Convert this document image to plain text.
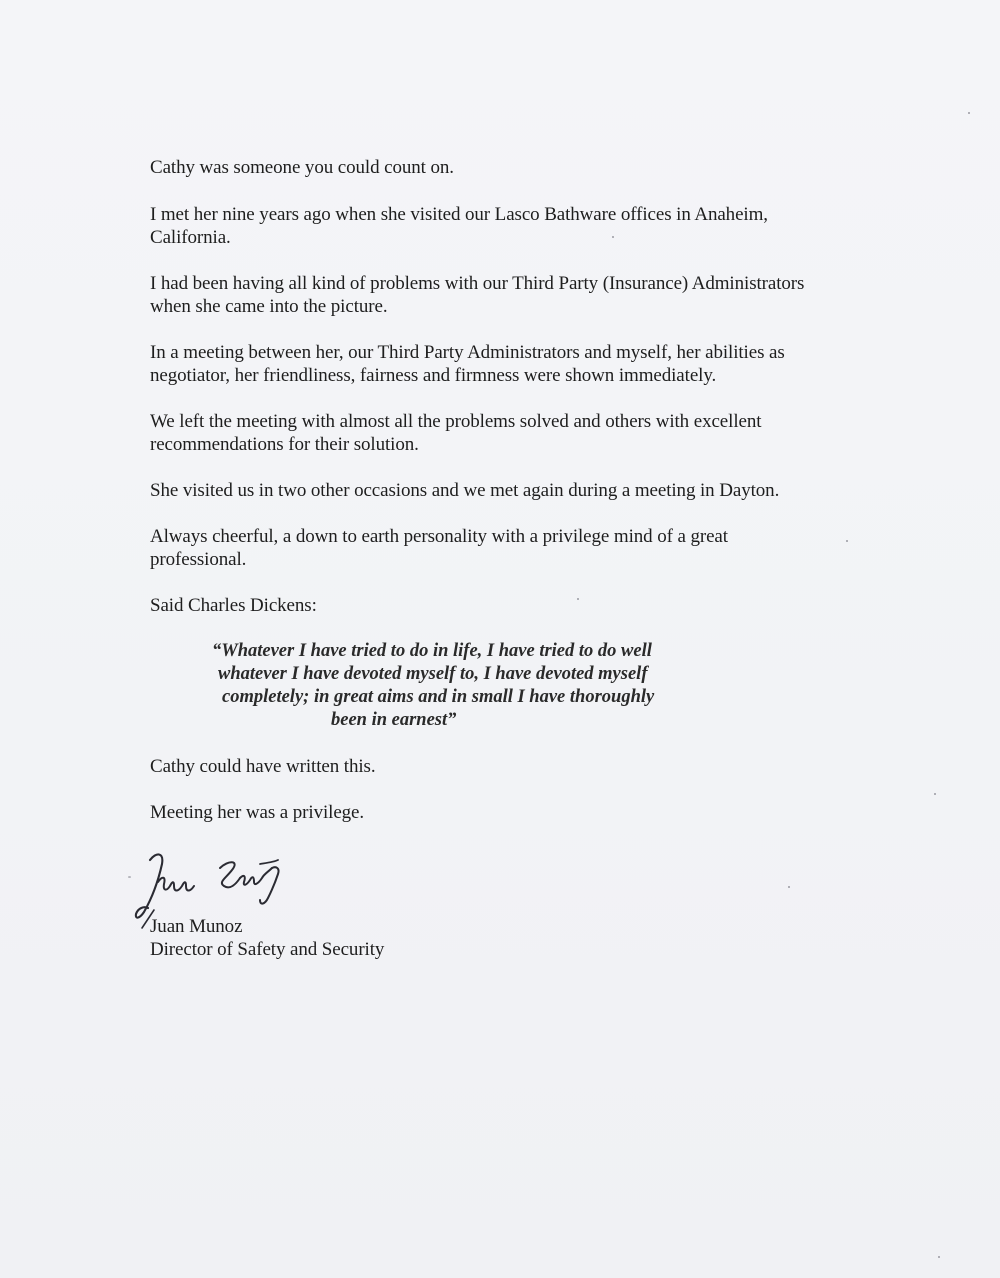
Cathy was someone you could count on.

I met her nine years ago when she visited our Lasco Bathware offices in Anaheim,

California.

I had been having all kind of problems with our Third Party (Insurance) Administrators

when she came into the picture.

In a meeting between her, our Third Party Administrators and myself, her abilities as

negotiator, her friendliness, fairness and firmness were shown immediately.

We left the meeting with almost all the problems solved and others with excellent

recommendations for their solution.

She visited us in two other occasions and we met again during a meeting in Dayton.

Always cheerful, a down to earth personality with a privilege mind of a great

professional.

Said Charles Dickens:

“Whatever I have tried to do in life, I have tried to do well

whatever I have devoted myself to, I have devoted myself

completely; in great aims and in small I have thoroughly

been in earnest”

Cathy could have written this.

Meeting her was a privilege.

Juan Munoz

Director of Safety and Security
